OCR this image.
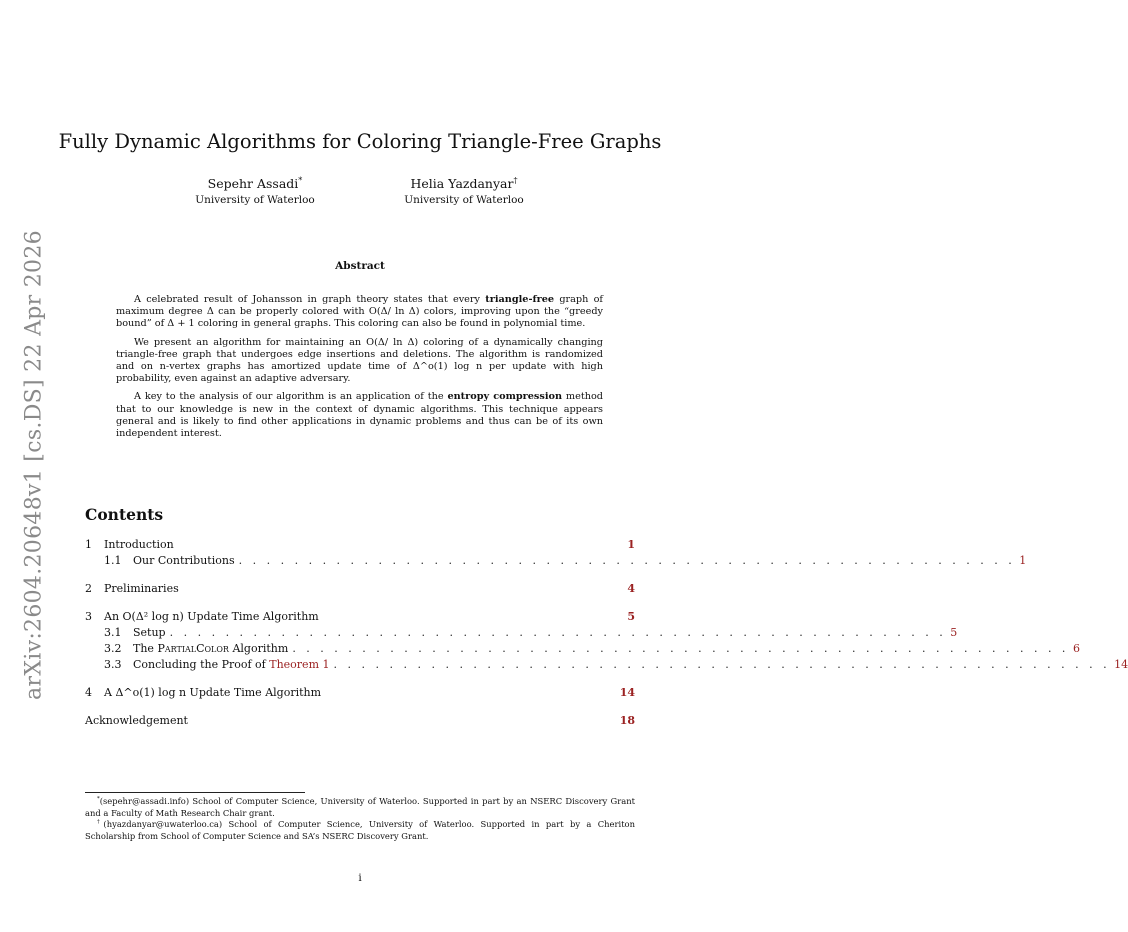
arXiv:2604.20648v1 [cs.DS] 22 Apr 2026
Fully Dynamic Algorithms for Coloring Triangle-Free Graphs
Sepehr Assadi*
University of Waterloo
Helia Yazdanyar†
University of Waterloo
Abstract

A celebrated result of Johansson in graph theory states that every triangle-free graph of maximum degree Δ can be properly colored with O(Δ/ ln Δ) colors, improving upon the “greedy bound” of Δ + 1 coloring in general graphs. This coloring can also be found in polynomial time.

We present an algorithm for maintaining an O(Δ/ ln Δ) coloring of a dynamically changing triangle-free graph that undergoes edge insertions and deletions. The algorithm is randomized and on n-vertex graphs has amortized update time of Δ^o(1) log n per update with high probability, even against an adaptive adversary.

A key to the analysis of our algorithm is an application of the entropy compression method that to our knowledge is new in the context of dynamic algorithms. This technique appears general and is likely to find other applications in dynamic problems and thus can be of its own independent interest.

Contents
1	Introduction	1
1.1	Our Contributions . . . . . . . . . . . . . . . . . . . . . . . . . . . . . . . . . . . . . . . . . . . . . . . . . . . . . . . . 1
2	Preliminaries	4
3	An O(Δ² log n) Update Time Algorithm	5
3.1	Setup . . . . . . . . . . . . . . . . . . . . . . . . . . . . . . . . . . . . . . . . . . . . . . . . . . . . . . . . 5
3.2	The PartialColor Algorithm . . . . . . . . . . . . . . . . . . . . . . . . . . . . . . . . . . . . . . . . . . . . . . . . . . . . . . . . 6
3.3	Concluding the Proof of Theorem 1 . . . . . . . . . . . . . . . . . . . . . . . . . . . . . . . . . . . . . . . . . . . . . . . . . . . . . . . . 14
4	A Δ^o(1) log n Update Time Algorithm	14
Acknowledgement	18

*(sepehr@assadi.info) School of Computer Science, University of Waterloo. Supported in part by an NSERC Discovery Grant and a Faculty of Math Research Chair grant.

†(hyazdanyar@uwaterloo.ca) School of Computer Science, University of Waterloo. Supported in part by a Cheriton Scholarship from School of Computer Science and SA’s NSERC Discovery Grant.

i
